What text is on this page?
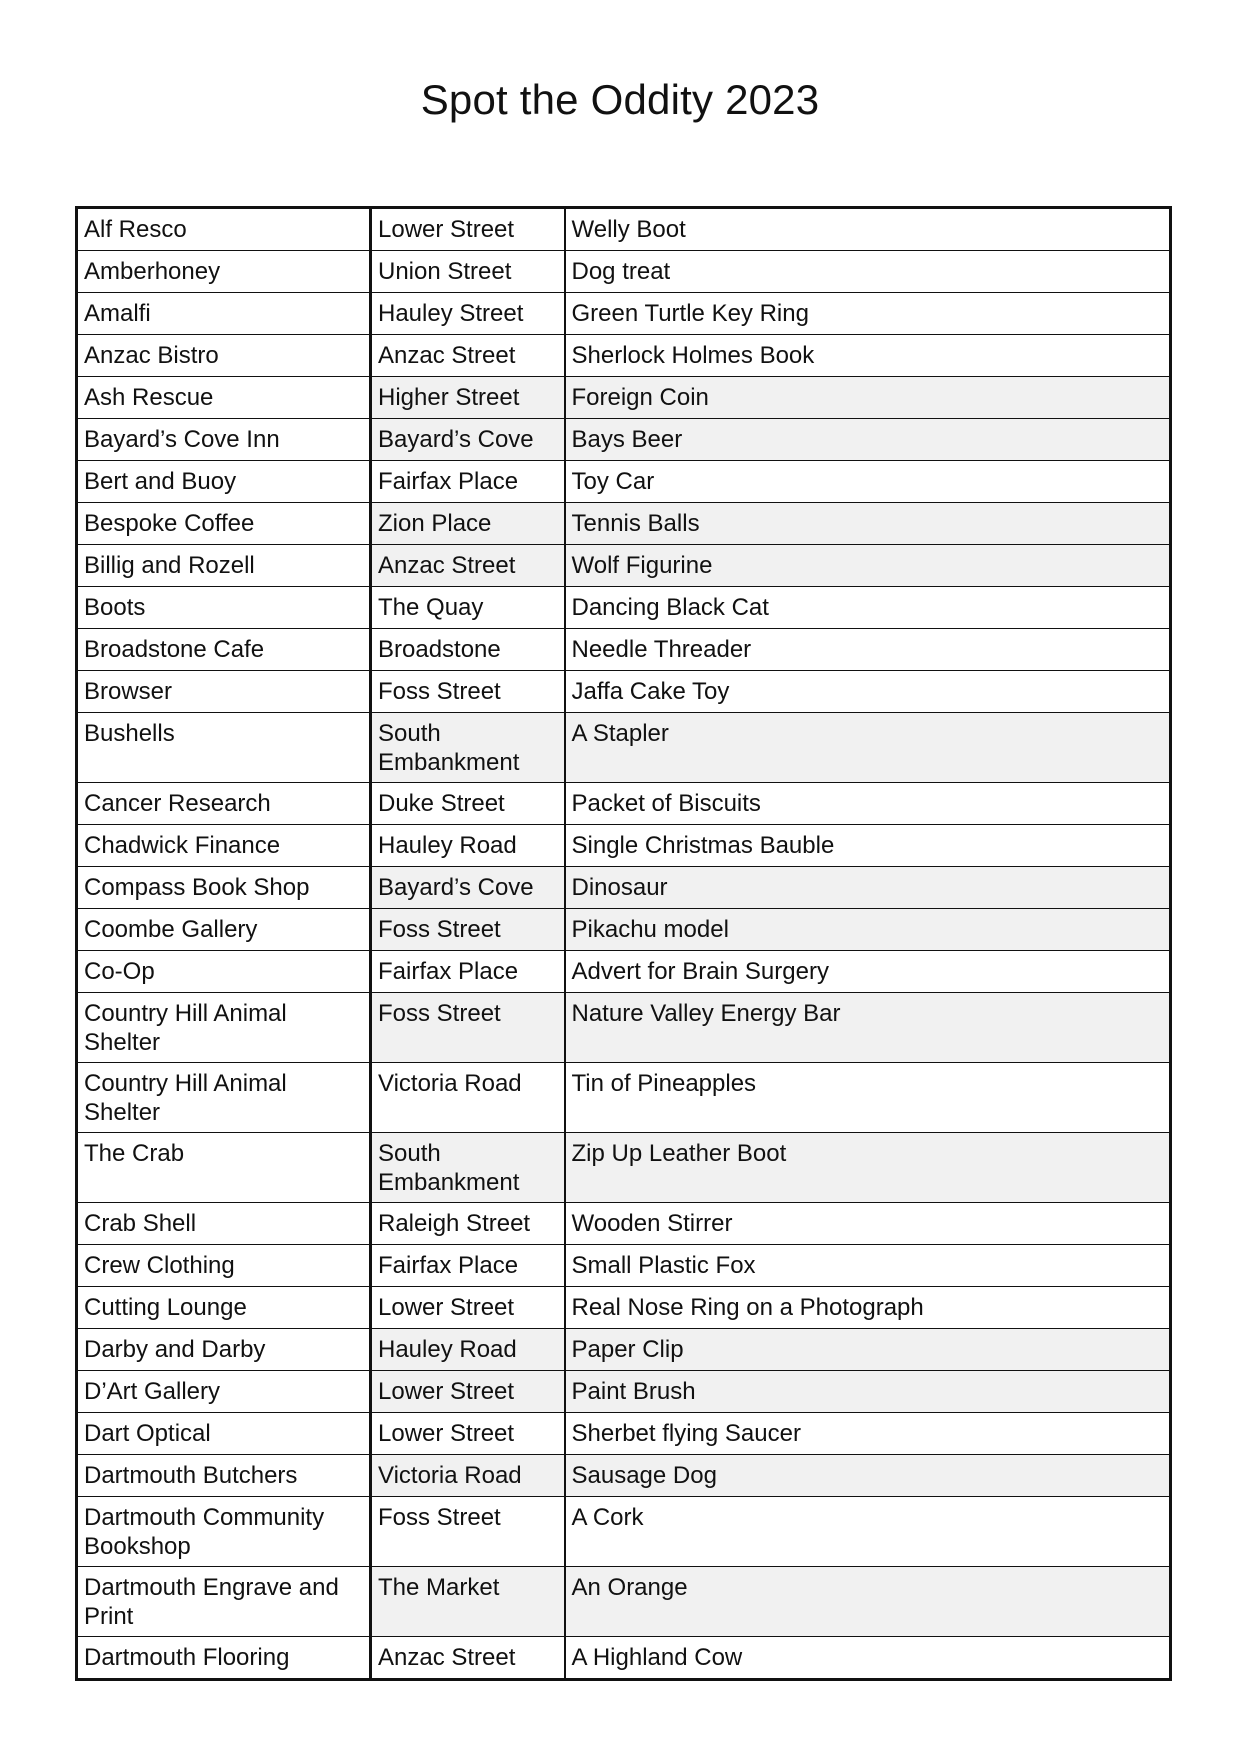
Spot the Oddity 2023
Alf Resco	Lower Street	Welly Boot
Amberhoney	Union Street	Dog treat
Amalfi	Hauley Street	Green Turtle Key Ring
Anzac Bistro	Anzac Street	Sherlock Holmes Book
Ash Rescue	Higher Street	Foreign Coin
Bayard’s Cove Inn	Bayard’s Cove	Bays Beer
Bert and Buoy	Fairfax Place	Toy Car
Bespoke Coffee	Zion Place	Tennis Balls
Billig and Rozell	Anzac Street	Wolf Figurine
Boots	The Quay	Dancing Black Cat
Broadstone Cafe	Broadstone	Needle Threader
Browser	Foss Street	Jaffa Cake Toy
Bushells	South Embankment	A Stapler
Cancer Research	Duke Street	Packet of Biscuits
Chadwick Finance	Hauley Road	Single Christmas Bauble
Compass Book Shop	Bayard’s Cove	Dinosaur
Coombe Gallery	Foss Street	Pikachu model
Co-Op	Fairfax Place	Advert for Brain Surgery
Country Hill Animal Shelter	Foss Street	Nature Valley Energy Bar
Country Hill Animal Shelter	Victoria Road	Tin of Pineapples
The Crab	South Embankment	Zip Up Leather Boot
Crab Shell	Raleigh Street	Wooden Stirrer
Crew Clothing	Fairfax Place	Small Plastic Fox
Cutting Lounge	Lower Street	Real Nose Ring on a Photograph
Darby and Darby	Hauley Road	Paper Clip
D’Art Gallery	Lower Street	Paint Brush
Dart Optical	Lower Street	Sherbet flying Saucer
Dartmouth Butchers	Victoria Road	Sausage Dog
Dartmouth Community Bookshop	Foss Street	A Cork
Dartmouth Engrave and Print	The Market	An Orange
Dartmouth Flooring	Anzac Street	A Highland Cow
